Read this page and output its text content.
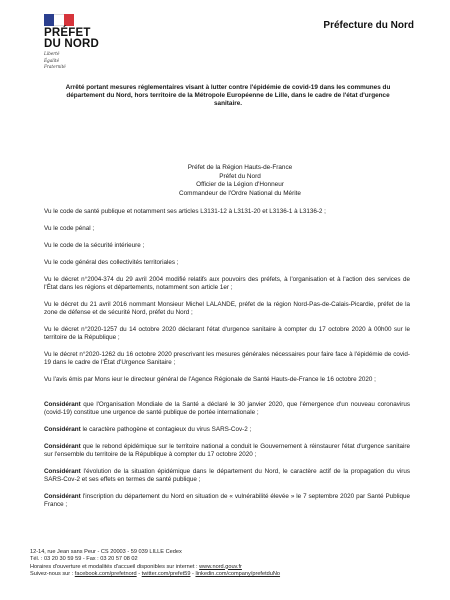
PRÉFET
DU NORD
Liberté
Égalité
Fraternité
Préfecture du Nord
Arrêté portant mesures réglementaires visant à lutter contre l'épidémie de covid-19 dans les communes du département du Nord, hors territoire de la Métropole Européenne de Lille, dans le cadre de l'état d'urgence sanitaire.
Préfet de la Région Hauts-de-France
Préfet du Nord
Officier de la Légion d'Honneur
Commandeur de l'Ordre National du Mérite
Vu le code de santé publique et notamment ses articles L3131-12 à L3131-20 et L3136-1 à L3136-2 ;
Vu le code pénal ;
Vu le code de la sécurité intérieure ;
Vu le code général des collectivités territoriales ;
Vu le décret n°2004-374 du 29 avril 2004 modifié relatifs aux pouvoirs des préfets, à l'organisation et à l'action des services de l'État dans les régions et départements, notamment son article 1er ;
Vu le décret du 21 avril 2016 nommant Monsieur Michel LALANDE, préfet de la région Nord-Pas-de-Calais-Picardie, préfet de la zone de défense et de sécurité Nord, préfet du Nord ;
Vu le décret n°2020-1257 du 14 octobre 2020 déclarant l'état d'urgence sanitaire à compter du 17 octobre 2020 à 00h00 sur le territoire de la République ;
Vu le décret n°2020-1262 du 16 octobre 2020 prescrivant les mesures générales nécessaires pour faire face à l'épidémie de covid-19 dans le cadre de l'État d'Urgence Sanitaire ;
Vu l'avis émis par Mons ieur le directeur général de l'Agence Régionale de Santé Hauts-de-France le 16 octobre 2020 ;
Considérant que l'Organisation Mondiale de la Santé a déclaré le 30 janvier 2020, que l'émergence d'un nouveau coronavirus (covid-19) constitue une urgence de santé publique de portée internationale ;
Considérant le caractère pathogène et contagieux du virus SARS-Cov-2 ;
Considérant que le rebond épidémique sur le territoire national a conduit le Gouvernement à réinstaurer l'état d'urgence sanitaire sur l'ensemble du territoire de la République à compter du 17 octobre 2020 ;
Considérant l'évolution de la situation épidémique dans le département du Nord, le caractère actif de la propagation du virus SARS-Cov-2 et ses effets en termes de santé publique ;
Considérant l'inscription du département du Nord en situation de « vulnérabilité élevée » le 7 septembre 2020 par Santé Publique France ;
12-14, rue Jean sans Peur - CS 20003 - 59 039 LILLE Cedex
Tél. : 03 20 30 59 59 - Fax : 03 20 57 08 02
Horaires d'ouverture et modalités d'accueil disponibles sur internet : www.nord.gouv.fr
Suivez-nous sur : facebook.com/prefetnord - twitter.com/prefet59 - linkedin.com/company/prefetduNo
